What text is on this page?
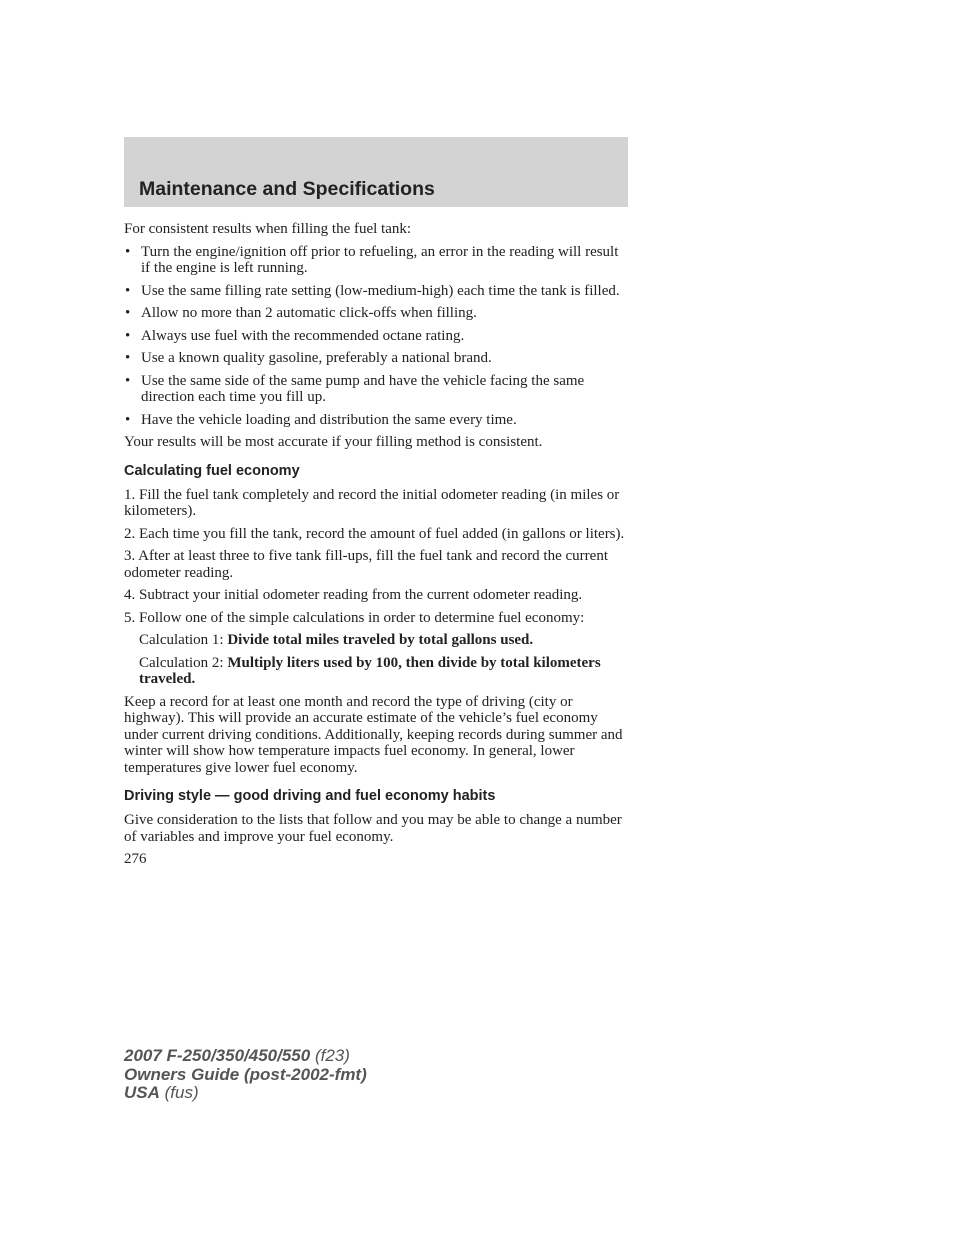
Maintenance and Specifications

For consistent results when filling the fuel tank:

• Turn the engine/ignition off prior to refueling, an error in the reading will result if the engine is left running.
• Use the same filling rate setting (low-medium-high) each time the tank is filled.
• Allow no more than 2 automatic click-offs when filling.
• Always use fuel with the recommended octane rating.
• Use a known quality gasoline, preferably a national brand.
• Use the same side of the same pump and have the vehicle facing the same direction each time you fill up.
• Have the vehicle loading and distribution the same every time.

Your results will be most accurate if your filling method is consistent.

Calculating fuel economy

1. Fill the fuel tank completely and record the initial odometer reading (in miles or kilometers).

2. Each time you fill the tank, record the amount of fuel added (in gallons or liters).

3. After at least three to five tank fill-ups, fill the fuel tank and record the current odometer reading.

4. Subtract your initial odometer reading from the current odometer reading.

5. Follow one of the simple calculations in order to determine fuel economy:

Calculation 1: Divide total miles traveled by total gallons used.

Calculation 2: Multiply liters used by 100, then divide by total kilometers traveled.

Keep a record for at least one month and record the type of driving (city or highway). This will provide an accurate estimate of the vehicle’s fuel economy under current driving conditions. Additionally, keeping records during summer and winter will show how temperature impacts fuel economy. In general, lower temperatures give lower fuel economy.

Driving style — good driving and fuel economy habits

Give consideration to the lists that follow and you may be able to change a number of variables and improve your fuel economy.

276

2007 F-250/350/450/550 (f23)
Owners Guide (post-2002-fmt)
USA (fus)
